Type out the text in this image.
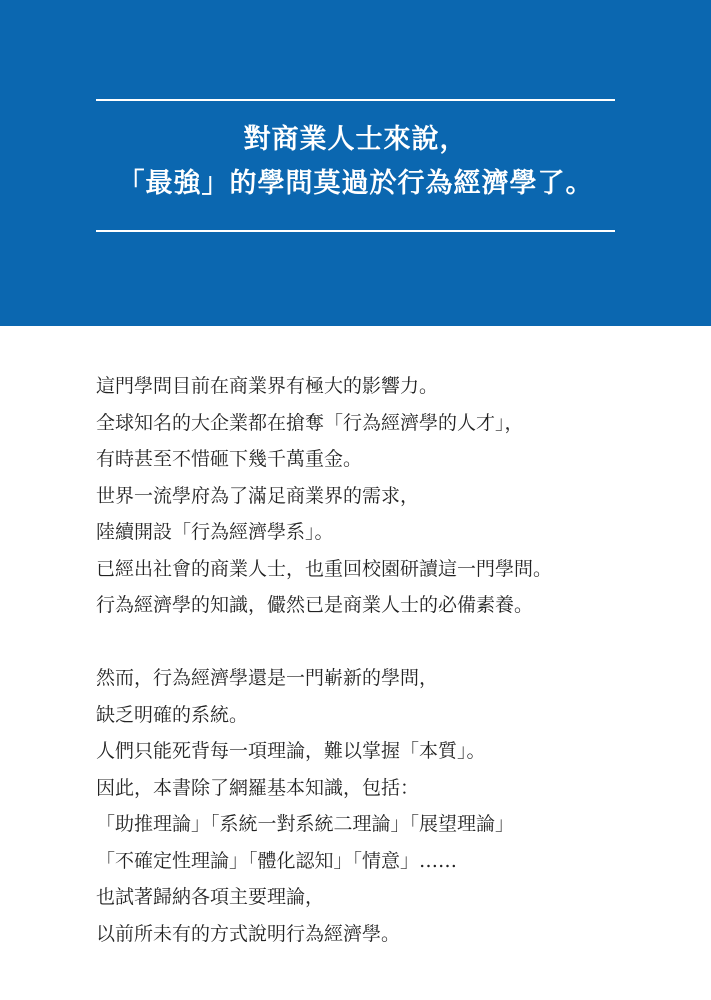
對商業人士來說，
「最強」的學問莫過於行為經濟學了。
這門學問目前在商業界有極大的影響力。
全球知名的大企業都在搶奪「行為經濟學的人才」，
有時甚至不惜砸下幾千萬重金。
世界一流學府為了滿足商業界的需求，
陸續開設「行為經濟學系」。
已經出社會的商業人士，也重回校園研讀這一門學問。
行為經濟學的知識，儼然已是商業人士的必備素養。
然而，行為經濟學還是一門嶄新的學問，
缺乏明確的系統。
人們只能死背每一項理論，難以掌握「本質」。
因此，本書除了網羅基本知識，包括：
「助推理論」「系統一對系統二理論」「展望理論」
「不確定性理論」「體化認知」「情意」……
也試著歸納各項主要理論，
以前所未有的方式說明行為經濟學。
